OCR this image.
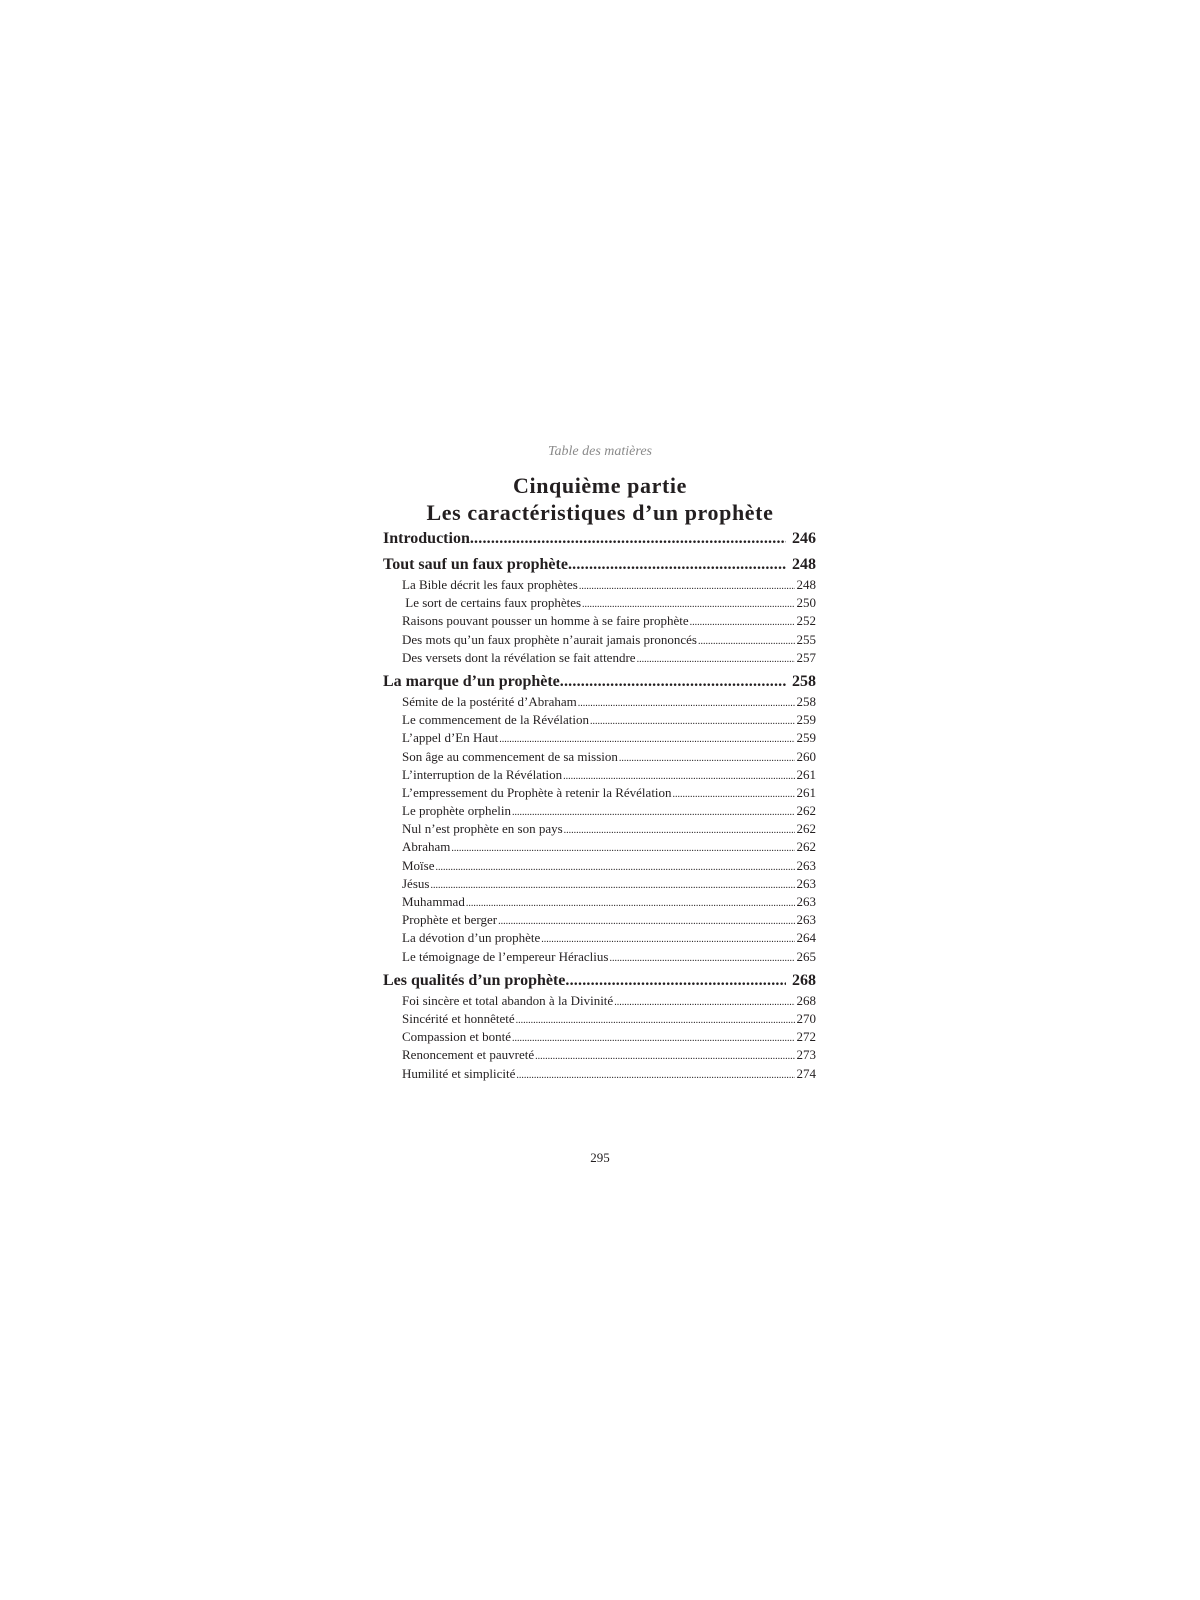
Table des matières
Cinquième partie
Les caractéristiques d’un prophète
Introduction .....	246
Tout sauf un faux prophète .....	248
La Bible décrit les faux prophètes .....	248
Le sort de certains faux prophètes .....	250
Raisons pouvant pousser un homme à se faire prophète .....	252
Des mots qu’un faux prophète n’aurait jamais prononcés .....	255
Des versets dont la révélation se fait attendre .....	257
La marque d’un prophète .....	258
Sémite de la postérité d’Abraham .....	258
Le commencement de la Révélation .....	259
L’appel d’En Haut .....	259
Son âge au commencement de sa mission .....	260
L’interruption de la Révélation .....	261
L’empressement du Prophète à retenir la Révélation .....	261
Le prophète orphelin .....	262
Nul n’est prophète en son pays .....	262
Abraham .....	262
Moïse .....	263
Jésus .....	263
Muhammad .....	263
Prophète et berger .....	263
La dévotion d’un prophète .....	264
Le témoignage de l’empereur Héraclius .....	265
Les qualités d’un prophète .....	268
Foi sincère et total abandon à la Divinité .....	268
Sincérité et honnêteté .....	270
Compassion et bonté .....	272
Renoncement et pauvreté .....	273
Humilité et simplicité .....	274
295
